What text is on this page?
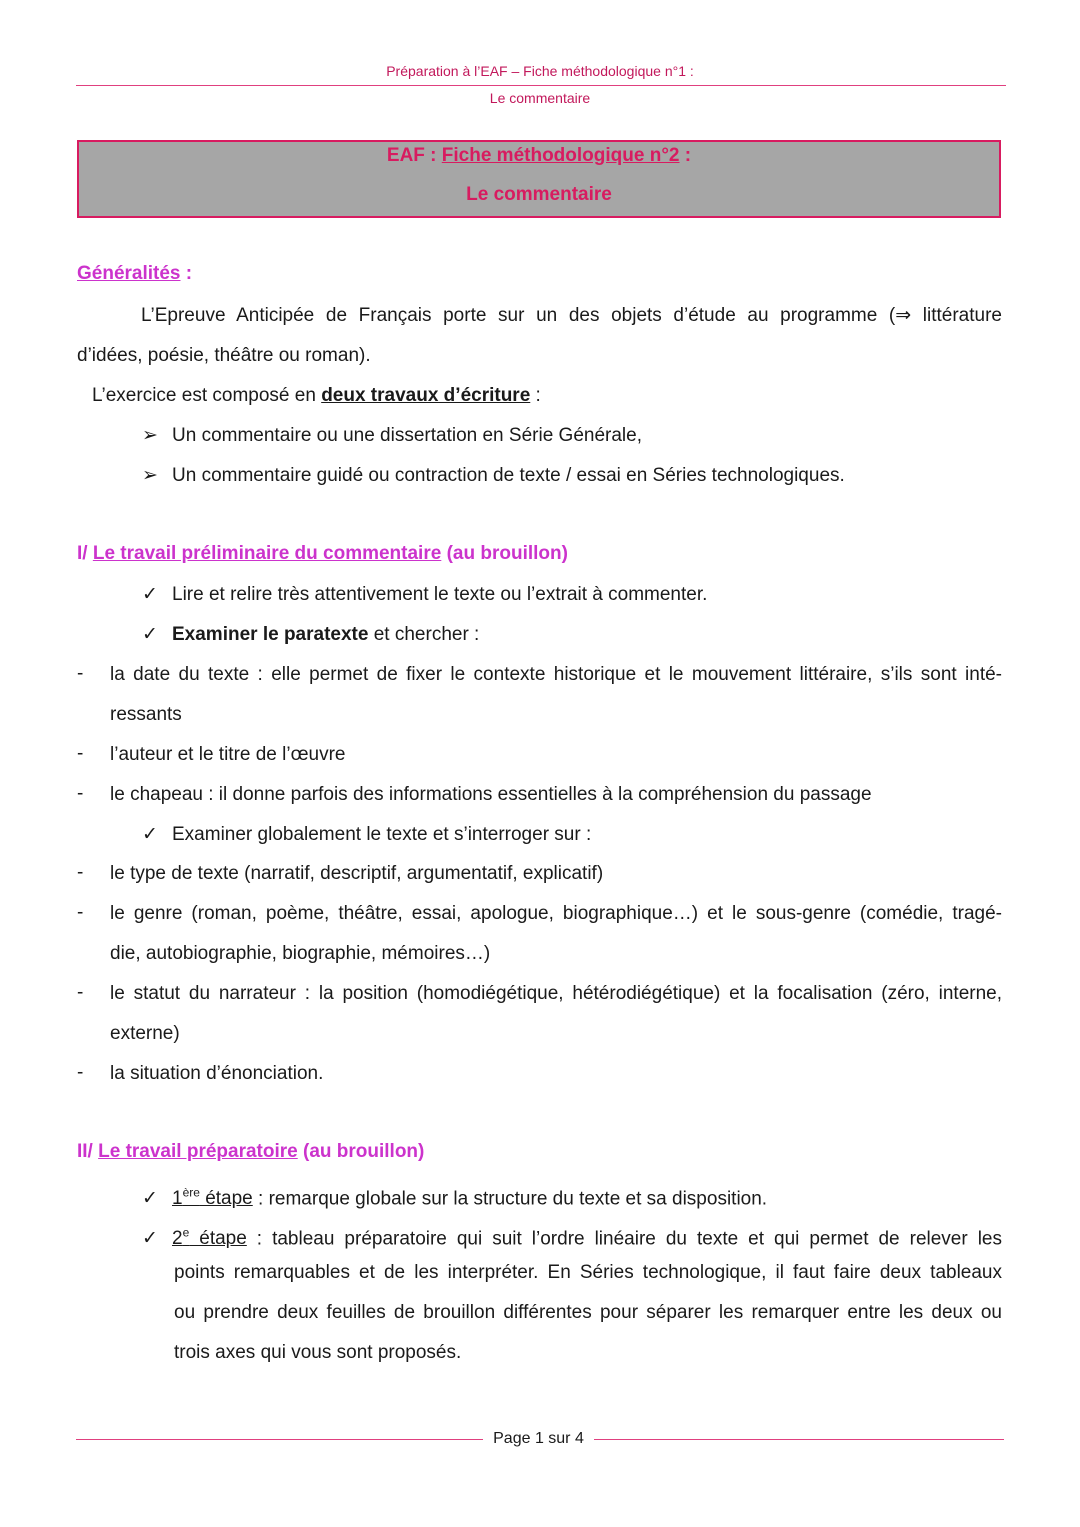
Préparation à l’EAF – Fiche méthodologique n°1 :
Le commentaire
EAF : Fiche méthodologique n°2 :
Le commentaire
Généralités :
L’Epreuve Anticipée de Français porte sur un des objets d’étude au programme (⇒ littérature
d’idées, poésie, théâtre ou roman).
L’exercice est composé en deux travaux d’écriture :
➢ Un commentaire ou une dissertation en Série Générale,
➢ Un commentaire guidé ou contraction de texte / essai en Séries technologiques.
I/ Le travail préliminaire du commentaire (au brouillon)
✓ Lire et relire très attentivement le texte ou l’extrait à commenter.
✓ Examiner le paratexte et chercher :
- la date du texte : elle permet de fixer le contexte historique et le mouvement littéraire, s’ils sont inté-
ressants
- l’auteur et le titre de l’œuvre
- le chapeau : il donne parfois des informations essentielles à la compréhension du passage
✓ Examiner globalement le texte et s’interroger sur :
- le type de texte (narratif, descriptif, argumentatif, explicatif)
- le genre (roman, poème, théâtre, essai, apologue, biographique…) et le sous-genre (comédie, tragé-
die, autobiographie, biographie, mémoires…)
- le statut du narrateur : la position (homodiégétique, hétérodiégétique) et la focalisation (zéro, interne,
externe)
- la situation d’énonciation.
II/ Le travail préparatoire (au brouillon)
✓ 1ère étape : remarque globale sur la structure du texte et sa disposition.
✓ 2e étape : tableau préparatoire qui suit l’ordre linéaire du texte et qui permet de relever les
points remarquables et de les interpréter. En Séries technologique, il faut faire deux tableaux
ou prendre deux feuilles de brouillon différentes pour séparer les remarquer entre les deux ou
trois axes qui vous sont proposés.
Page 1 sur 4
